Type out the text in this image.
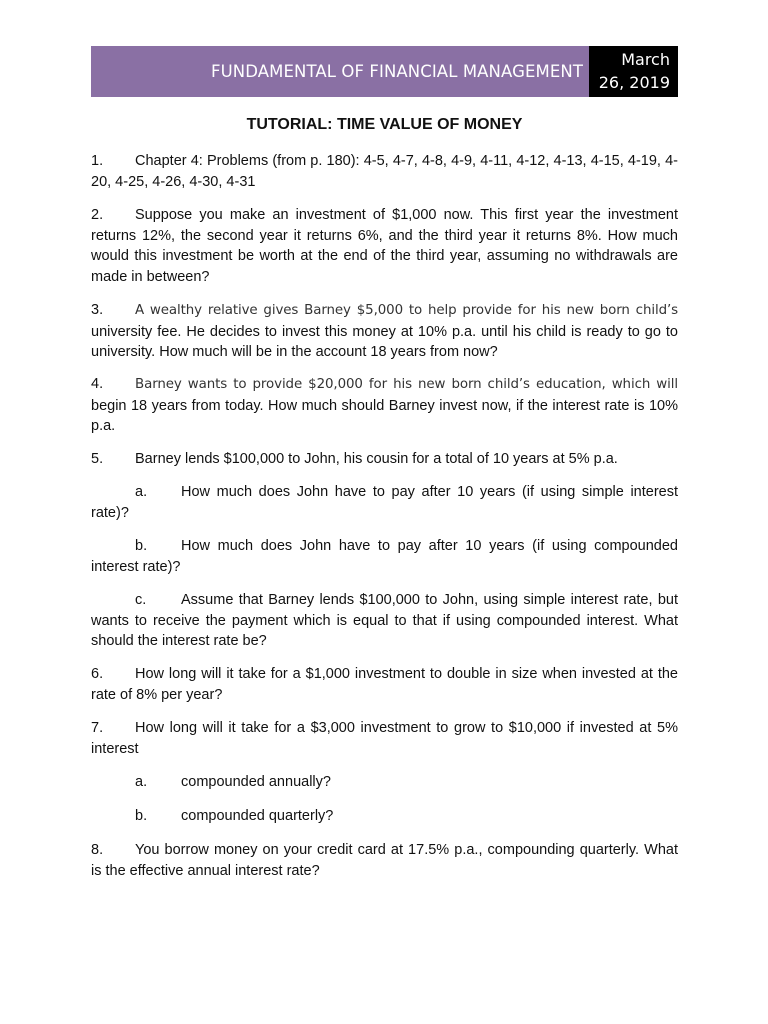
FUNDAMENTAL OF FINANCIAL MANAGEMENT
March
26, 2019
TUTORIAL: TIME VALUE OF MONEY
1. Chapter 4: Problems (from p. 180): 4-5, 4-7, 4-8, 4-9, 4-11, 4-12, 4-13, 4-15, 4-19, 4-20, 4-25, 4-26, 4-30, 4-31
2. Suppose you make an investment of $1,000 now. This first year the investment returns 12%, the second year it returns 6%, and the third year it returns 8%. How much would this investment be worth at the end of the third year, assuming no withdrawals are made in between?
3. A wealthy relative gives Barney $5,000 to help provide for his new born child’s university fee. He decides to invest this money at 10% p.a. until his child is ready to go to university. How much will be in the account 18 years from now?
4. Barney wants to provide $20,000 for his new born child’s education, which will begin 18 years from today. How much should Barney invest now, if the interest rate is 10% p.a.
5. Barney lends $100,000 to John, his cousin for a total of 10 years at 5% p.a.
a. How much does John have to pay after 10 years (if using simple interest rate)?
b. How much does John have to pay after 10 years (if using compounded interest rate)?
c. Assume that Barney lends $100,000 to John, using simple interest rate, but wants to receive the payment which is equal to that if using compounded interest. What should the interest rate be?
6. How long will it take for a $1,000 investment to double in size when invested at the rate of 8% per year?
7. How long will it take for a $3,000 investment to grow to $10,000 if invested at 5% interest
a. compounded annually?
b. compounded quarterly?
8. You borrow money on your credit card at 17.5% p.a., compounding quarterly. What is the effective annual interest rate?
